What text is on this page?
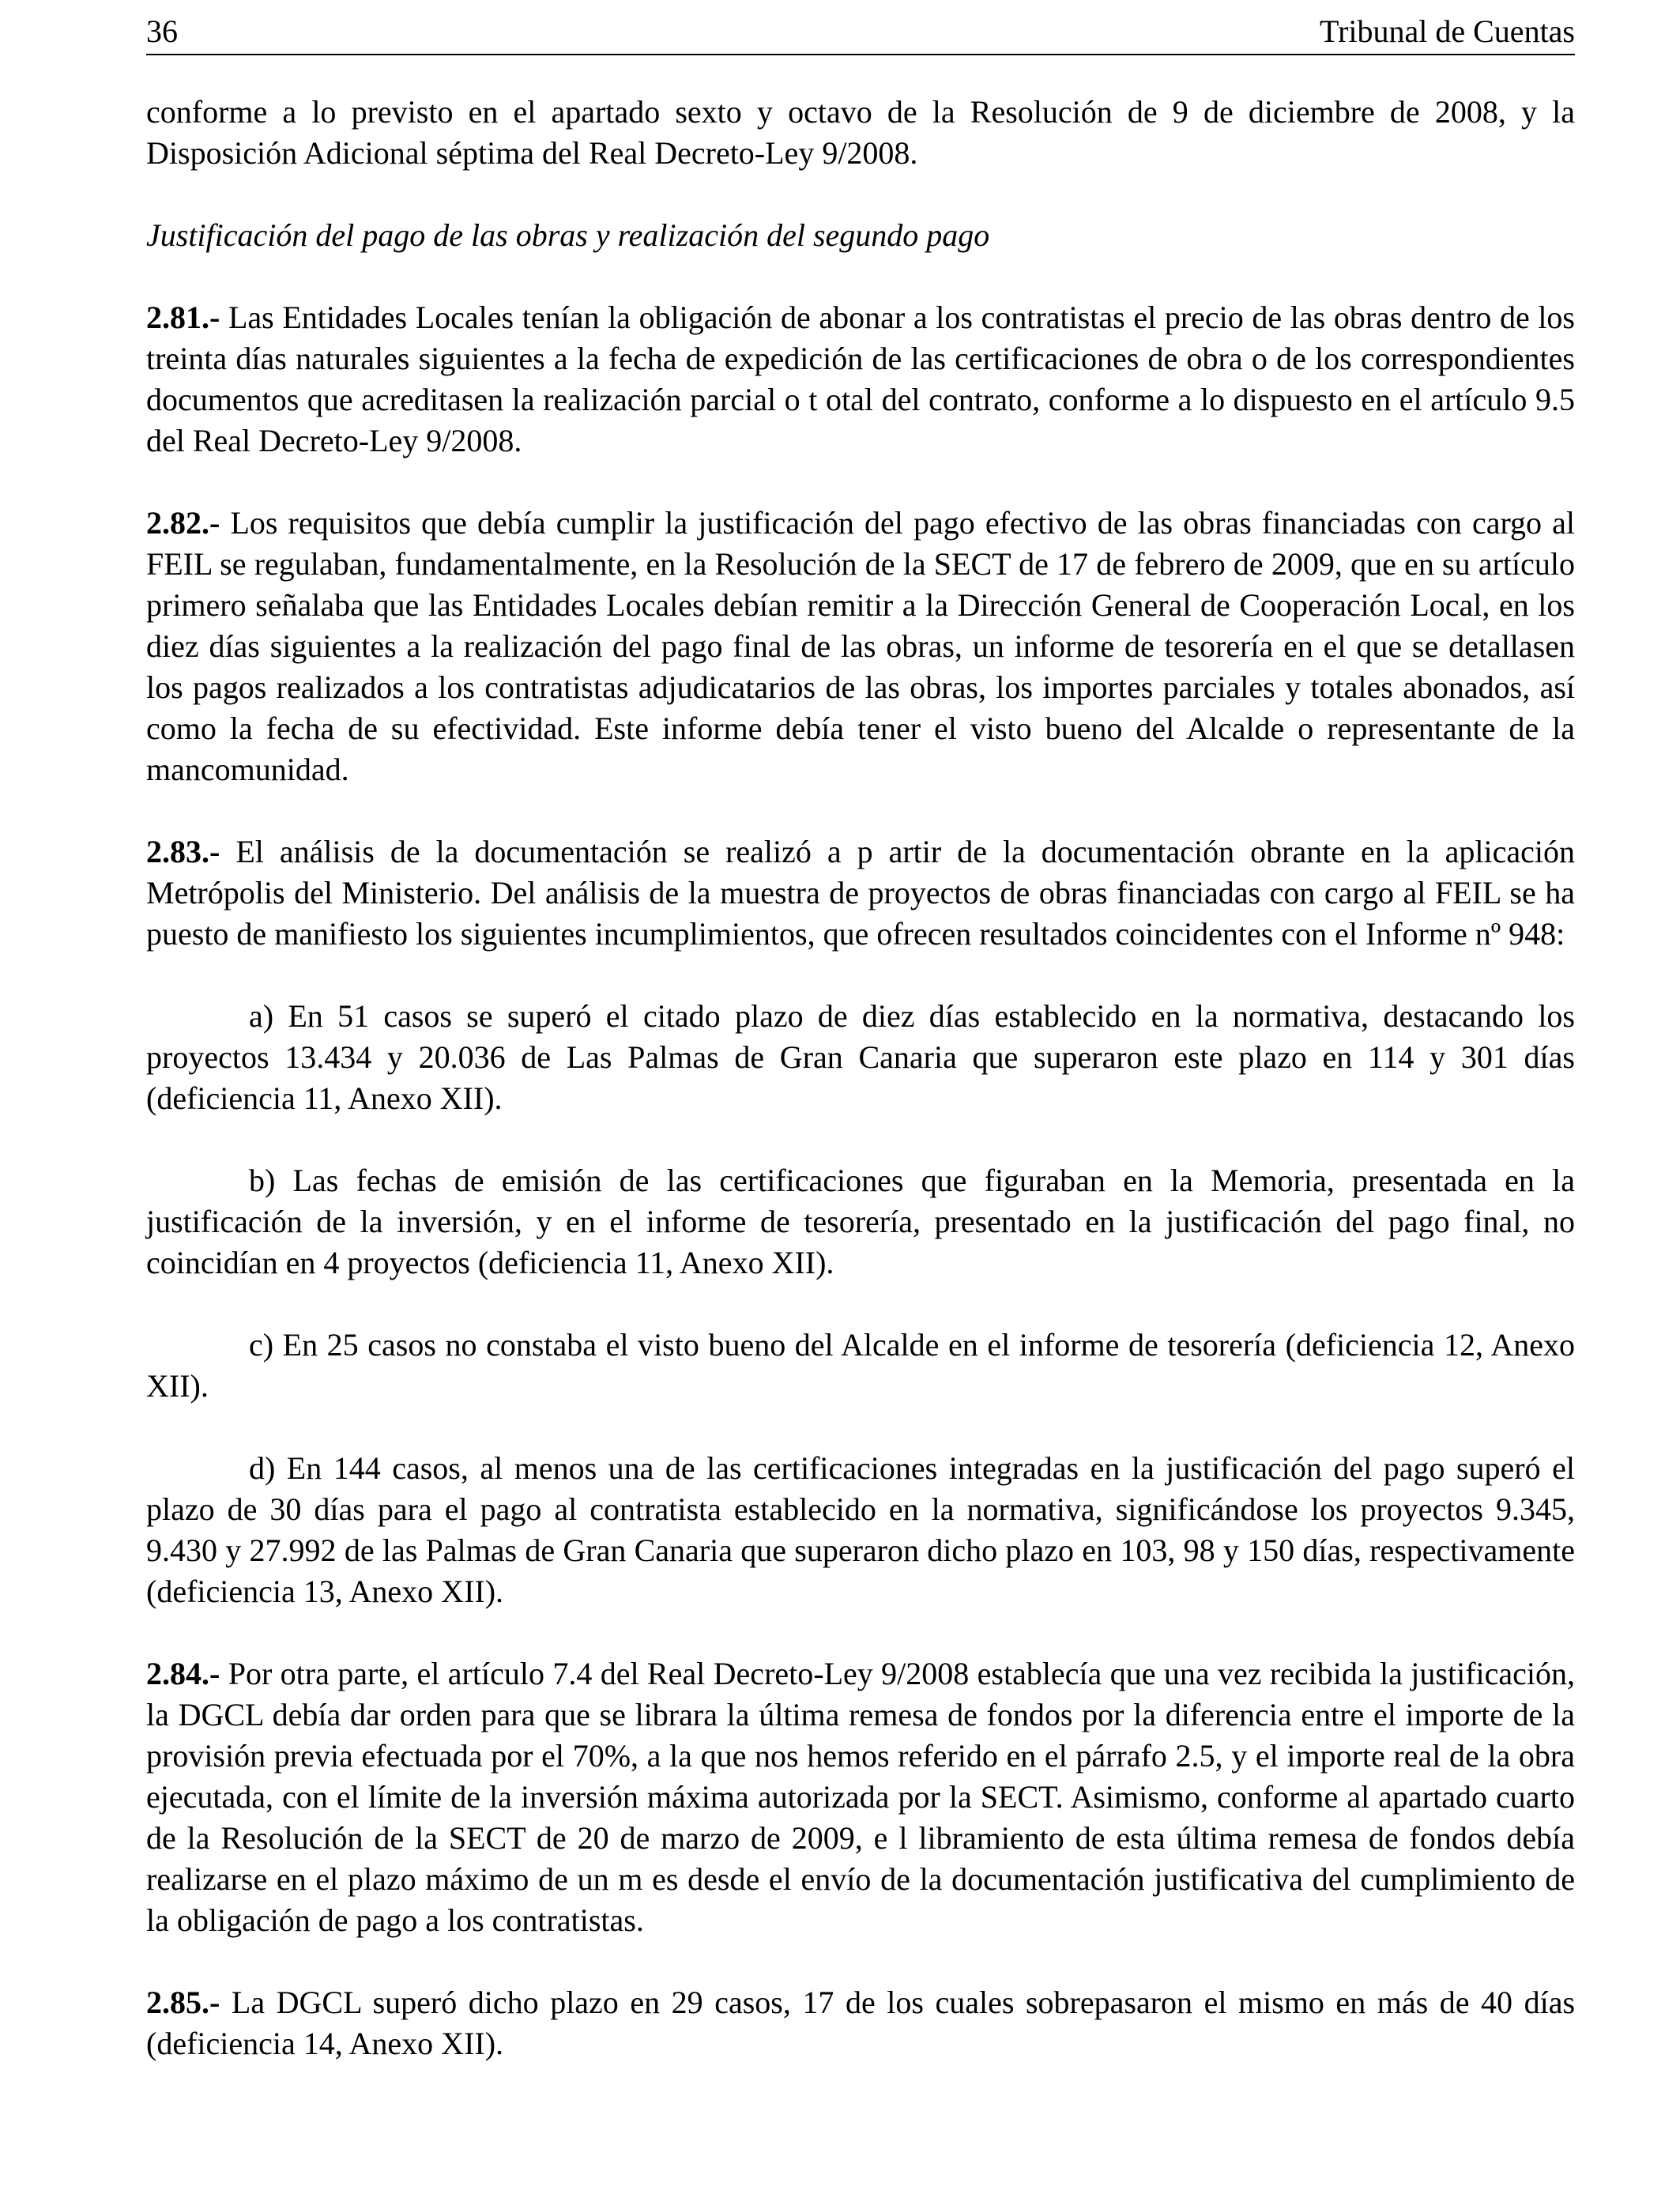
36	Tribunal de Cuentas

conforme a lo previsto en el apartado sexto y octavo de la Resolución de 9 de diciembre de 2008, y la Disposición Adicional séptima del Real Decreto-Ley 9/2008.

Justificación del pago de las obras y realización del segundo pago

2.81.- Las Entidades Locales tenían la obligación de abonar a los contratistas el precio de las obras dentro de los treinta días naturales siguientes a la fecha de expedición de las certificaciones de obra o de los correspondientes documentos que acreditasen la realización parcial o t otal del contrato, conforme a lo dispuesto en el artículo 9.5 del Real Decreto-Ley 9/2008.

2.82.- Los requisitos que debía cumplir la justificación del pago efectivo de las obras financiadas con cargo al FEIL se regulaban, fundamentalmente, en la Resolución de la SECT de 17 de febrero de 2009, que en su artículo primero señalaba que las Entidades Locales debían remitir a la Dirección General de Cooperación Local, en los diez días siguientes a la realización del pago final de las obras, un informe de tesorería en el que se detallasen los pagos realizados a los contratistas adjudicatarios de las obras, los importes parciales y totales abonados, así como la fecha de su efectividad. Este informe debía tener el visto bueno del Alcalde o representante de la mancomunidad.

2.83.- El análisis de la documentación se realizó a p artir de la documentación obrante en la aplicación Metrópolis del Ministerio. Del análisis de la muestra de proyectos de obras financiadas con cargo al FEIL se ha puesto de manifiesto los siguientes incumplimientos, que ofrecen resultados coincidentes con el Informe nº 948:

a) En 51 casos se superó el citado plazo de diez días establecido en la normativa, destacando los proyectos 13.434 y 20.036 de Las Palmas de Gran Canaria que superaron este plazo en 114 y 301 días (deficiencia 11, Anexo XII).

b) Las fechas de emisión de las certificaciones que figuraban en la Memoria, presentada en la justificación de la inversión, y en el informe de tesorería, presentado en la justificación del pago final, no coincidían en 4 proyectos (deficiencia 11, Anexo XII).

c) En 25 casos no constaba el visto bueno del Alcalde en el informe de tesorería (deficiencia 12, Anexo XII).

d) En 144 casos, al menos una de las certificaciones integradas en la justificación del pago superó el plazo de 30 días para el pago al contratista establecido en la normativa, significándose los proyectos 9.345, 9.430 y 27.992 de las Palmas de Gran Canaria que superaron dicho plazo en 103, 98 y 150 días, respectivamente (deficiencia 13, Anexo XII).

2.84.- Por otra parte, el artículo 7.4 del Real Decreto-Ley 9/2008 establecía que una vez recibida la justificación, la DGCL debía dar orden para que se librara la última remesa de fondos por la diferencia entre el importe de la provisión previa efectuada por el 70%, a la que nos hemos referido en el párrafo 2.5, y el importe real de la obra ejecutada, con el límite de la inversión máxima autorizada por la SECT. Asimismo, conforme al apartado cuarto de la Resolución de la SECT de 20 de marzo de 2009, e l libramiento de esta última remesa de fondos debía realizarse en el plazo máximo de un m es desde el envío de la documentación justificativa del cumplimiento de la obligación de pago a los contratistas.

2.85.- La DGCL superó dicho plazo en 29 casos, 17 de los cuales sobrepasaron el mismo en más de 40 días (deficiencia 14, Anexo XII).
